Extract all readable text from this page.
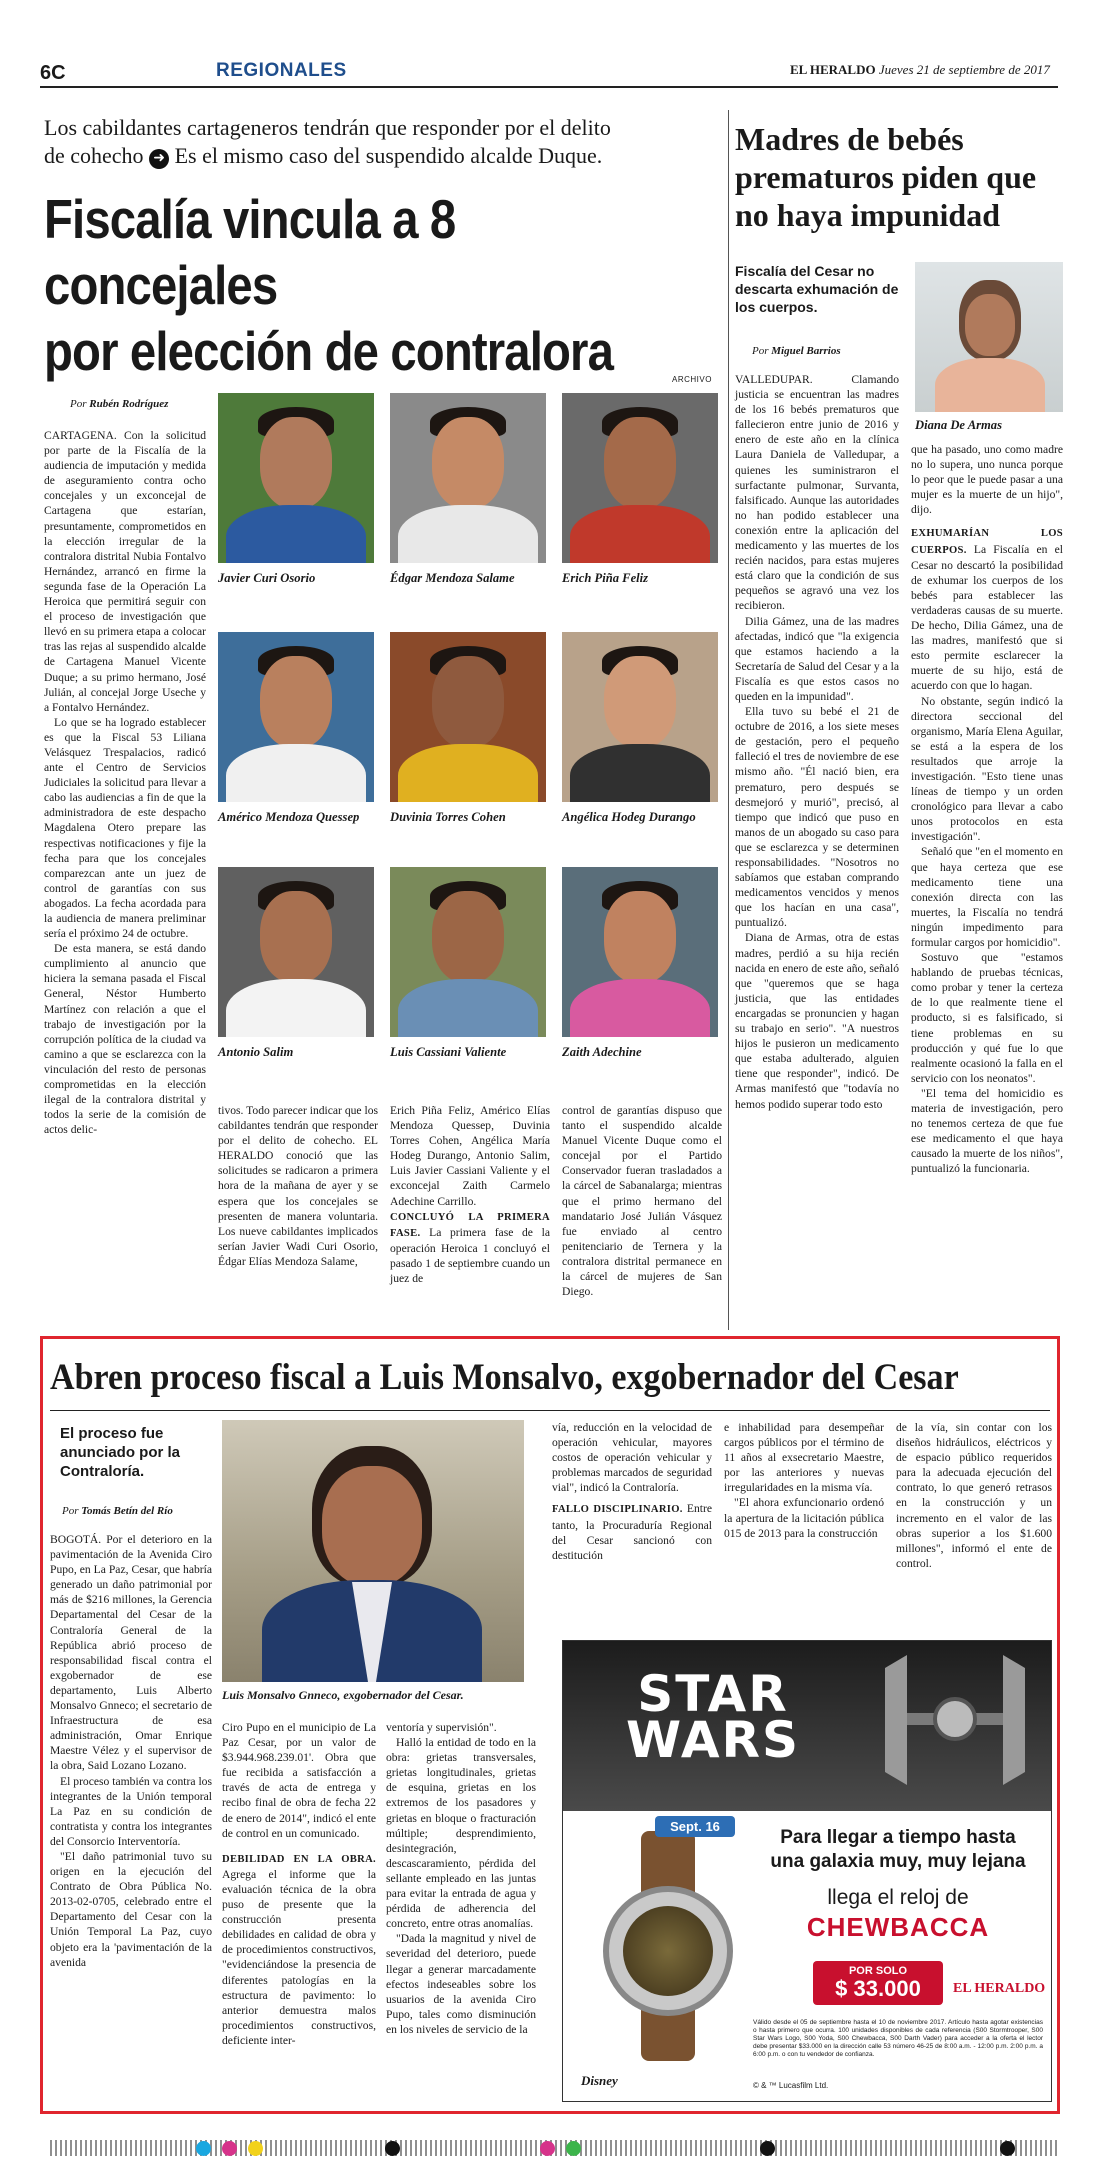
6C	REGIONALES	EL HERALDO Jueves 21 de septiembre de 2017
Los cabildantes cartageneros tendrán que responder por el delito
de cohecho ➜ Es el mismo caso del suspendido alcalde Duque.
Fiscalía vincula a 8 concejales
por elección de contralora
Por Rubén Rodríguez
ARCHIVO

CARTAGENA. Con la solicitud por parte de la Fiscalía de la audiencia de imputación y medida de aseguramiento contra ocho concejales y un exconcejal de Cartagena que estarían, presuntamente, comprometidos en la elección irregular de la contralora distrital Nubia Fontalvo Hernández, arrancó en firme la segunda fase de la Operación La Heroica que permitirá seguir con el proceso de investigación que llevó en su primera etapa a colocar tras las rejas al suspendido alcalde de Cartagena Manuel Vicente Duque; a su primo hermano, José Julián, al concejal Jorge Useche y a Fontalvo Hernández.

Lo que se ha logrado establecer es que la Fiscal 53 Liliana Velásquez Trespalacios, radicó ante el Centro de Servicios Judiciales la solicitud para llevar a cabo las audiencias a fin de que la administradora de este despacho Magdalena Otero prepare las respectivas notificaciones y fije la fecha para que los concejales comparezcan ante un juez de control de garantías con sus abogados. La fecha acordada para la audiencia de manera preliminar sería el próximo 24 de octubre.

De esta manera, se está dando cumplimiento al anuncio que hiciera la semana pasada el Fiscal General, Néstor Humberto Martínez con relación a que el trabajo de investigación por la corrupción política de la ciudad va camino a que se esclarezca con la vinculación del resto de personas comprometidas en la elección ilegal de la contralora distrital y todos la serie de la comisión de actos delic-

Javier Curi Osorio	Édgar Mendoza Salame	Erich Piña Feliz
Américo Mendoza Quessep	Duvinia Torres Cohen	Angélica Hodeg Durango
Antonio Salim	Luis Cassiani Valiente	Zaith Adechine

tivos. Todo parecer indicar que los cabildantes tendrán que responder por el delito de cohecho. EL HERALDO conoció que las solicitudes se radicaron a primera hora de la mañana de ayer y se espera que los concejales se presenten de manera voluntaria. Los nueve cabildantes implicados serían Javier Wadi Curi Osorio, Édgar Elías Mendoza Salame,

Erich Piña Feliz, Américo Elías Mendoza Quessep, Duvinia Torres Cohen, Angélica María Hodeg Durango, Antonio Salim, Luis Javier Cassiani Valiente y el exconcejal Zaith Carmelo Adechine Carrillo.

CONCLUYÓ LA PRIMERA FASE. La primera fase de la operación Heroica 1 concluyó el pasado 1 de septiembre cuando un juez de

control de garantías dispuso que tanto el suspendido alcalde Manuel Vicente Duque como el concejal por el Partido Conservador fueran trasladados a la cárcel de Sabanalarga; mientras que el primo hermano del mandatario José Julián Vásquez fue enviado al centro penitenciario de Ternera y la contralora distrital permanece en la cárcel de mujeres de San Diego.

Madres de bebés prematuros piden que no haya impunidad
Fiscalía del Cesar no descarta exhumación de los cuerpos.
Por Miguel Barrios
Diana De Armas

VALLEDUPAR. Clamando justicia se encuentran las madres de los 16 bebés prematuros que fallecieron entre junio de 2016 y enero de este año en la clínica Laura Daniela de Valledupar, a quienes les suministraron el surfactante pulmonar, Survanta, falsificado. Aunque las autoridades no han podido establecer una conexión entre la aplicación del medicamento y las muertes de los recién nacidos, para estas mujeres está claro que la condición de sus pequeños se agravó una vez los recibieron.

Dilia Gámez, una de las madres afectadas, indicó que "la exigencia que estamos haciendo a la Secretaría de Salud del Cesar y a la Fiscalía es que estos casos no queden en la impunidad".

Ella tuvo su bebé el 21 de octubre de 2016, a los siete meses de gestación, pero el pequeño falleció el tres de noviembre de ese mismo año. "Él nació bien, era prematuro, pero después se desmejoró y murió", precisó, al tiempo que indicó que puso en manos de un abogado su caso para que se esclarezca y se determinen responsabilidades. "Nosotros no sabíamos que estaban comprando medicamentos vencidos y menos que los hacían en una casa", puntualizó.

Diana de Armas, otra de estas madres, perdió a su hija recién nacida en enero de este año, señaló que "queremos que se haga justicia, que las entidades encargadas se pronuncien y hagan su trabajo en serio". "A nuestros hijos le pusieron un medicamento que estaba adulterado, alguien tiene que responder", indicó. De Armas manifestó que "todavía no hemos podido superar todo esto

que ha pasado, uno como madre no lo supera, uno nunca porque lo peor que le puede pasar a una mujer es la muerte de un hijo", dijo.

EXHUMARÍAN LOS CUERPOS. La Fiscalía en el Cesar no descartó la posibilidad de exhumar los cuerpos de los bebés para establecer las verdaderas causas de su muerte. De hecho, Dilia Gámez, una de las madres, manifestó que si esto permite esclarecer la muerte de su hijo, está de acuerdo con que lo hagan.

No obstante, según indicó la directora seccional del organismo, María Elena Aguilar, se está a la espera de los resultados que arroje la investigación. "Esto tiene unas líneas de tiempo y un orden cronológico para llevar a cabo unos protocolos en esta investigación".

Señaló que "en el momento en que haya certeza que ese medicamento tiene una conexión directa con las muertes, la Fiscalía no tendrá ningún impedimento para formular cargos por homicidio".

Sostuvo que "estamos hablando de pruebas técnicas, como probar y tener la certeza de lo que realmente tiene el producto, si es falsificado, si tiene problemas en su producción y qué fue lo que realmente ocasionó la falla en el servicio con los neonatos".

"El tema del homicidio es materia de investigación, pero no tenemos certeza de que fue ese medicamento el que haya causado la muerte de los niños", puntualizó la funcionaria.

Abren proceso fiscal a Luis Monsalvo, exgobernador del Cesar
El proceso fue anunciado por la Contraloría.
Por Tomás Betín del Río

BOGOTÁ. Por el deterioro en la pavimentación de la Avenida Ciro Pupo, en La Paz, Cesar, que habría generado un daño patrimonial por más de $216 millones, la Gerencia Departamental del Cesar de la Contraloría General de la República abrió proceso de responsabilidad fiscal contra el exgobernador de ese departamento, Luis Alberto Monsalvo Gnneco; el secretario de Infraestructura de esa administración, Omar Enrique Maestre Vélez y el supervisor de la obra, Said Lozano Lozano.

El proceso también va contra los integrantes de la Unión temporal La Paz en su condición de contratista y contra los integrantes del Consorcio Interventoría.

"El daño patrimonial tuvo su origen en la ejecución del Contrato de Obra Pública No. 2013-02-0705, celebrado entre el Departamento del Cesar con la Unión Temporal La Paz, cuyo objeto era la 'pavimentación de la avenida

Luis Monsalvo Gnneco, exgobernador del Cesar.

Ciro Pupo en el municipio de La Paz Cesar, por un valor de $3.944.968.239.01'. Obra que fue recibida a satisfacción a través de acta de entrega y recibo final de obra de fecha 22 de enero de 2014", indicó el ente de control en un comunicado.

DEBILIDAD EN LA OBRA. Agrega el informe que la evaluación técnica de la obra puso de presente que la construcción presenta debilidades en calidad de obra y de procedimientos constructivos, "evidenciándose la presencia de diferentes patologías en la estructura de pavimento: lo anterior demuestra malos procedimientos constructivos, deficiente inter-

ventoría y supervisión".

Halló la entidad de todo en la obra: grietas transversales, grietas longitudinales, grietas de esquina, grietas en los extremos de los pasadores y grietas en bloque o fracturación múltiple; desprendimiento, desintegración, descascaramiento, pérdida del sellante empleado en las juntas para evitar la entrada de agua y pérdida de adherencia del concreto, entre otras anomalías.

"Dada la magnitud y nivel de severidad del deterioro, puede llegar a generar marcadamente efectos indeseables sobre los usuarios de la avenida Ciro Pupo, tales como disminución en los niveles de servicio de la

vía, reducción en la velocidad de operación vehicular, mayores costos de operación vehicular y problemas marcados de seguridad vial", indicó la Contraloría.

FALLO DISCIPLINARIO. Entre tanto, la Procuraduría Regional del Cesar sancionó con destitución

e inhabilidad para desempeñar cargos públicos por el término de 11 años al exsecretario Maestre, por las anteriores y nuevas irregularidades en la misma vía.

"El ahora exfuncionario ordenó la apertura de la licitación pública 015 de 2013 para la construcción

de la vía, sin contar con los diseños hidráulicos, eléctricos y de espacio público requeridos para la adecuada ejecución del contrato, lo que generó retrasos en la construcción y un incremento en el valor de las obras superior a los $1.600 millones", informó el ente de control.

STAR
WARS
Sept. 16
Para llegar a tiempo hasta
una galaxia muy, muy lejana
llega el reloj de
CHEWBACCA
POR SOLO
$ 33.000	EL HERALDO
Válido desde el 05 de septiembre hasta el 10 de noviembre 2017. Artículo hasta agotar existencias o hasta primero que ocurra. 100 unidades disponibles de cada referencia (S00 Stormtrooper, S00 Star Wars Logo, S00 Yoda, S00 Chewbacca, S00 Darth Vader) para acceder a la oferta el lector debe presentar $33.000 en la dirección calle 53 número 46-25 de 8:00 a.m. - 12:00 p.m. 2:00 p.m. a 6:00 p.m. o con tu vendedor de confianza.
Disney	© & ™ Lucasfilm Ltd.
